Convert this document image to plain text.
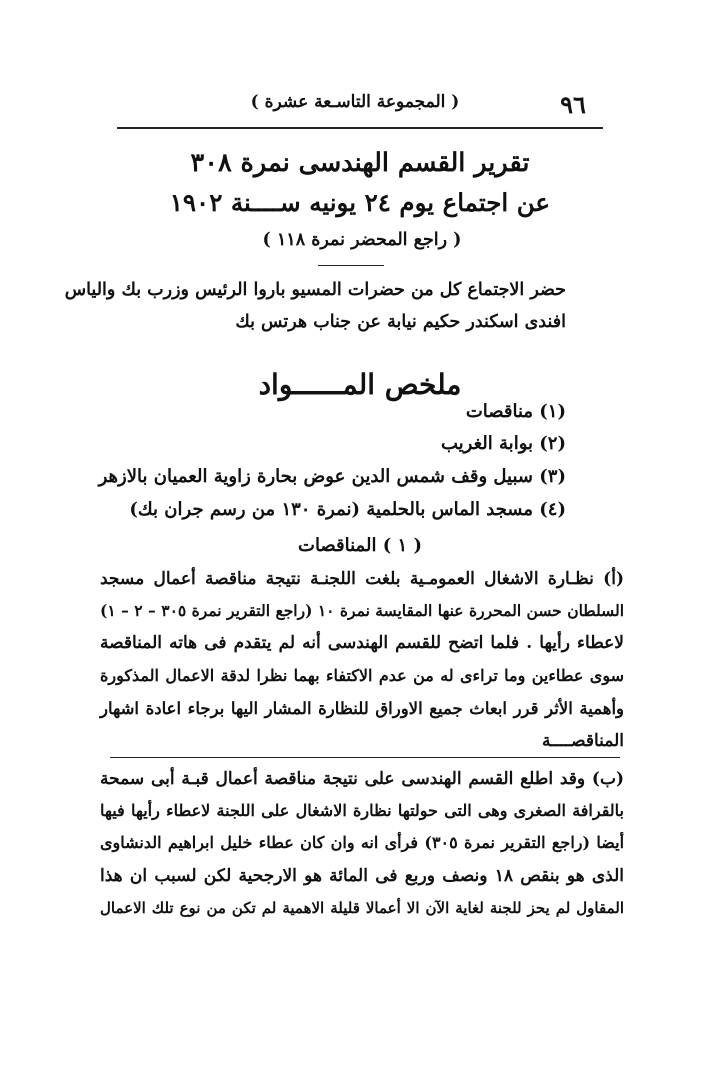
٩٦
( المجموعة التاسـعة عشرة )
تقرير القسم الهندسى نمرة ٣٠٨
عن اجتماع يوم ٢٤ يونيه ســــنة ١٩٠٢
( راجع المحضر نمرة ١١٨ )
حضر الاجتماع كل من حضرات المسيو باروا الرئيس وزرب بك والياس
افندى اسكندر حكيم نيابة عن جناب هرتس بك
ملخص المــــــواد
(١) مناقصات
(٢) بوابة الغريب
(٣) سبيل وقف شمس الدين عوض بحارة زاوية العميان بالازهر
(٤) مسجد الماس بالحلمية (نمرة ١٣٠ من رسم جران بك)
( ١ ) المناقصات
(أ) نظـارة الاشغال العمومـية بلغت اللجنـة نتيجة مناقصة أعمال مسجد
السلطان حسن المحررة عنها المقايسة نمرة ١٠ (راجع التقرير نمرة ٣٠٥ – ٢ – ١)
لاعطاء رأيها . فلما اتضح للقسم الهندسى أنه لم يتقدم فى هاته المناقصة
سوى عطاءين وما تراءى له من عدم الاكتفاء بهما نظرا لدقة الاعمال المذكورة
وأهمية الأثر قرر ابعاث جميع الاوراق للنظارة المشار اليها برجاء اعادة اشهار
المناقصــــة
(ب) وقد اطلع القسم الهندسى على نتيجة مناقصة أعمال قبـة أبى سمحة
بالقرافة الصغرى وهى التى حولتها نظارة الاشغال على اللجنة لاعطاء رأيها فيها
أيضا (راجع التقرير نمرة ٣٠٥) فرأى انه وان كان عطاء خليل ابراهيم الدنشاوى
الذى هو بنقص ١٨ ونصف وربع فى المائة هو الارجحية لكن لسبب ان هذا
المقاول لم يحز للجنة لغاية الآن الا أعمالا قليلة الاهمية لم تكن من نوع تلك الاعمال
